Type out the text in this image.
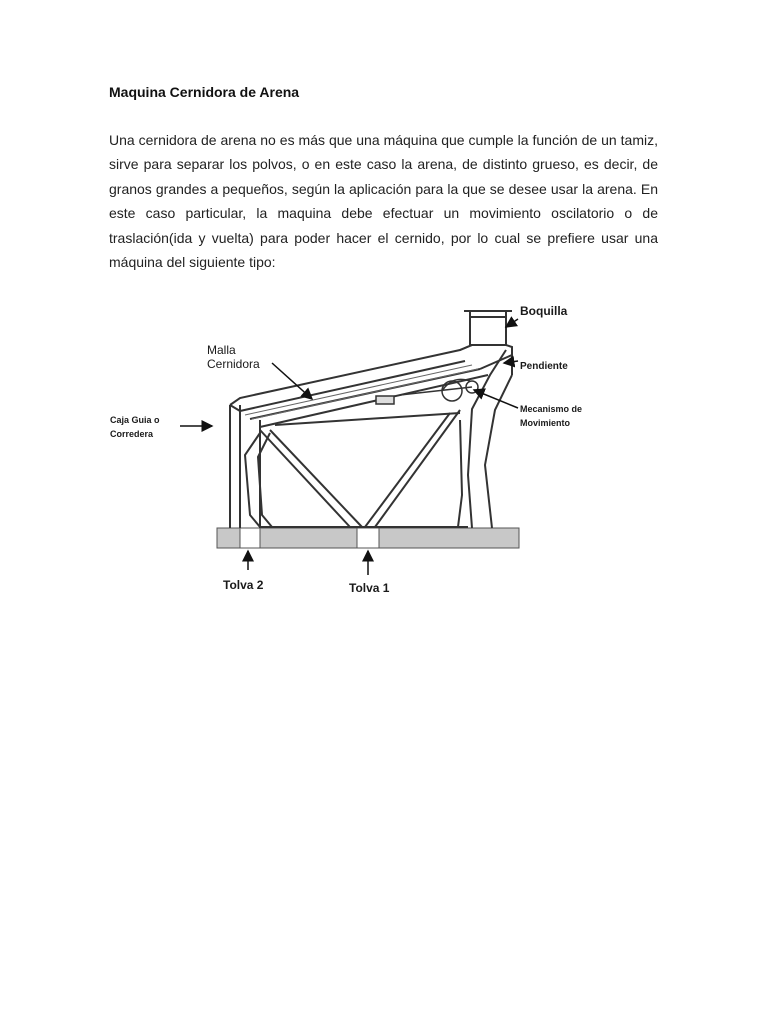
Maquina Cernidora de Arena

Una cernidora de arena no es más que una máquina que cumple la función de un tamiz, sirve para separar los polvos, o en este caso la arena, de distinto grueso, es decir, de granos grandes a pequeños, según la aplicación para la que se desee usar la arena. En este caso particular, la maquina debe efectuar un movimiento oscilatorio o de traslación(ida y vuelta) para poder hacer el cernido, por lo cual se prefiere usar una máquina del siguiente tipo:

Boquilla
Malla
Cernidora	Pendiente
Caja Guia o
Corredera
Mecanismo de
Movimiento
Tolva 2	Tolva 1
